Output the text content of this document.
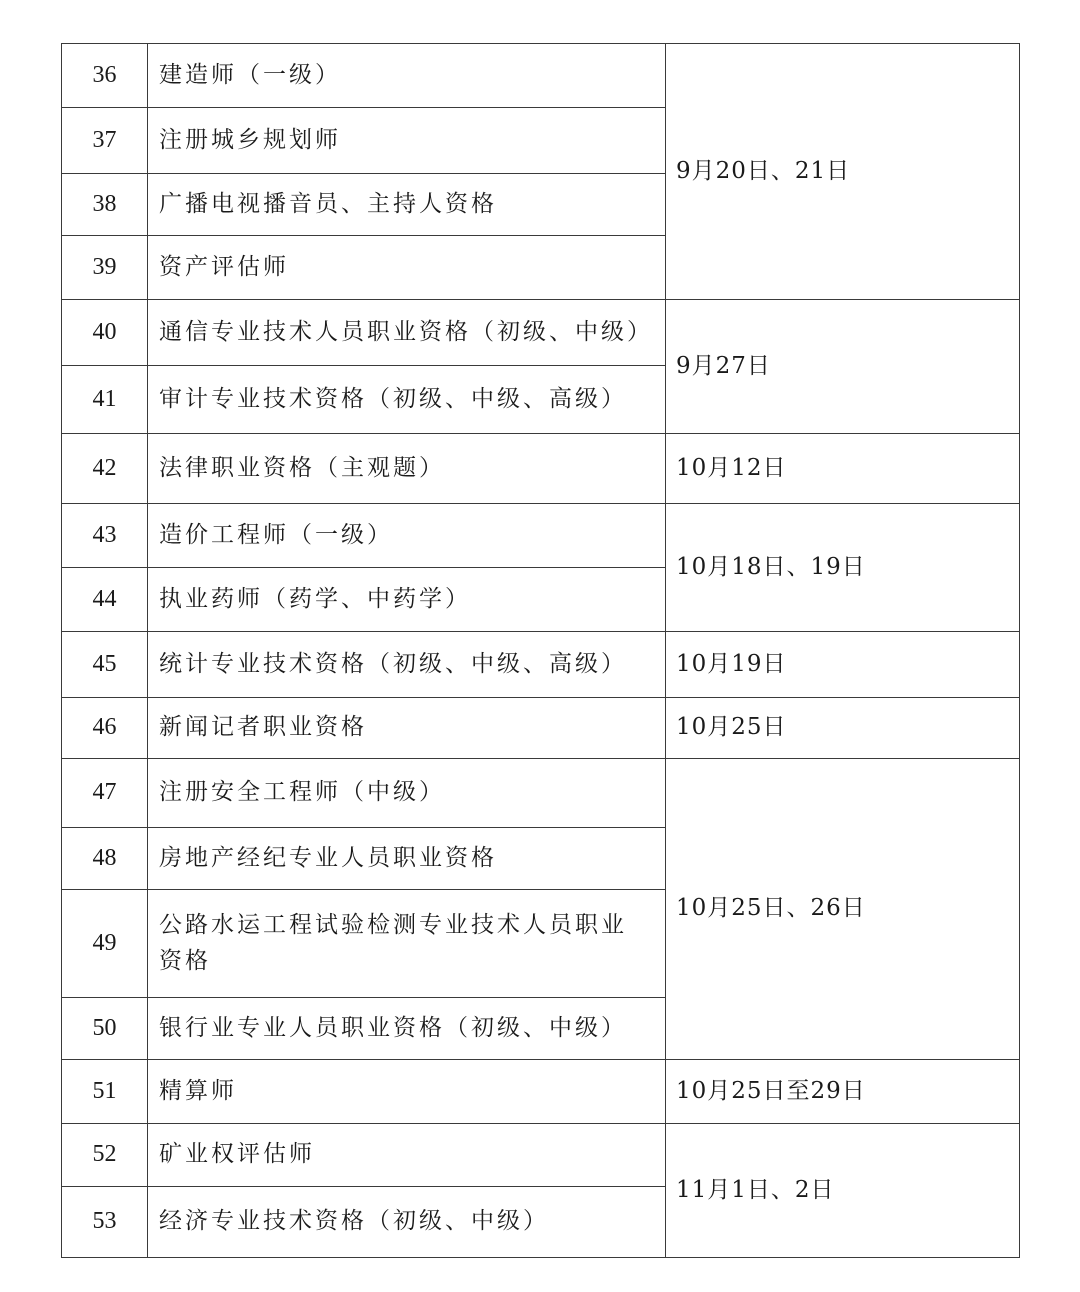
36	建造师（一级）	9月20日、21日
37	注册城乡规划师	
38	广播电视播音员、主持人资格	
39	资产评估师	
40	通信专业技术人员职业资格（初级、中级）	9月27日
41	审计专业技术资格（初级、中级、高级）	
42	法律职业资格（主观题）	10月12日
43	造价工程师（一级）	10月18日、19日
44	执业药师（药学、中药学）	
45	统计专业技术资格（初级、中级、高级）	10月19日
46	新闻记者职业资格	10月25日
47	注册安全工程师（中级）	10月25日、26日
48	房地产经纪专业人员职业资格	
49	公路水运工程试验检测专业技术人员职业资格	
50	银行业专业人员职业资格（初级、中级）	
51	精算师	10月25日至29日
52	矿业权评估师	11月1日、2日
53	经济专业技术资格（初级、中级）	
